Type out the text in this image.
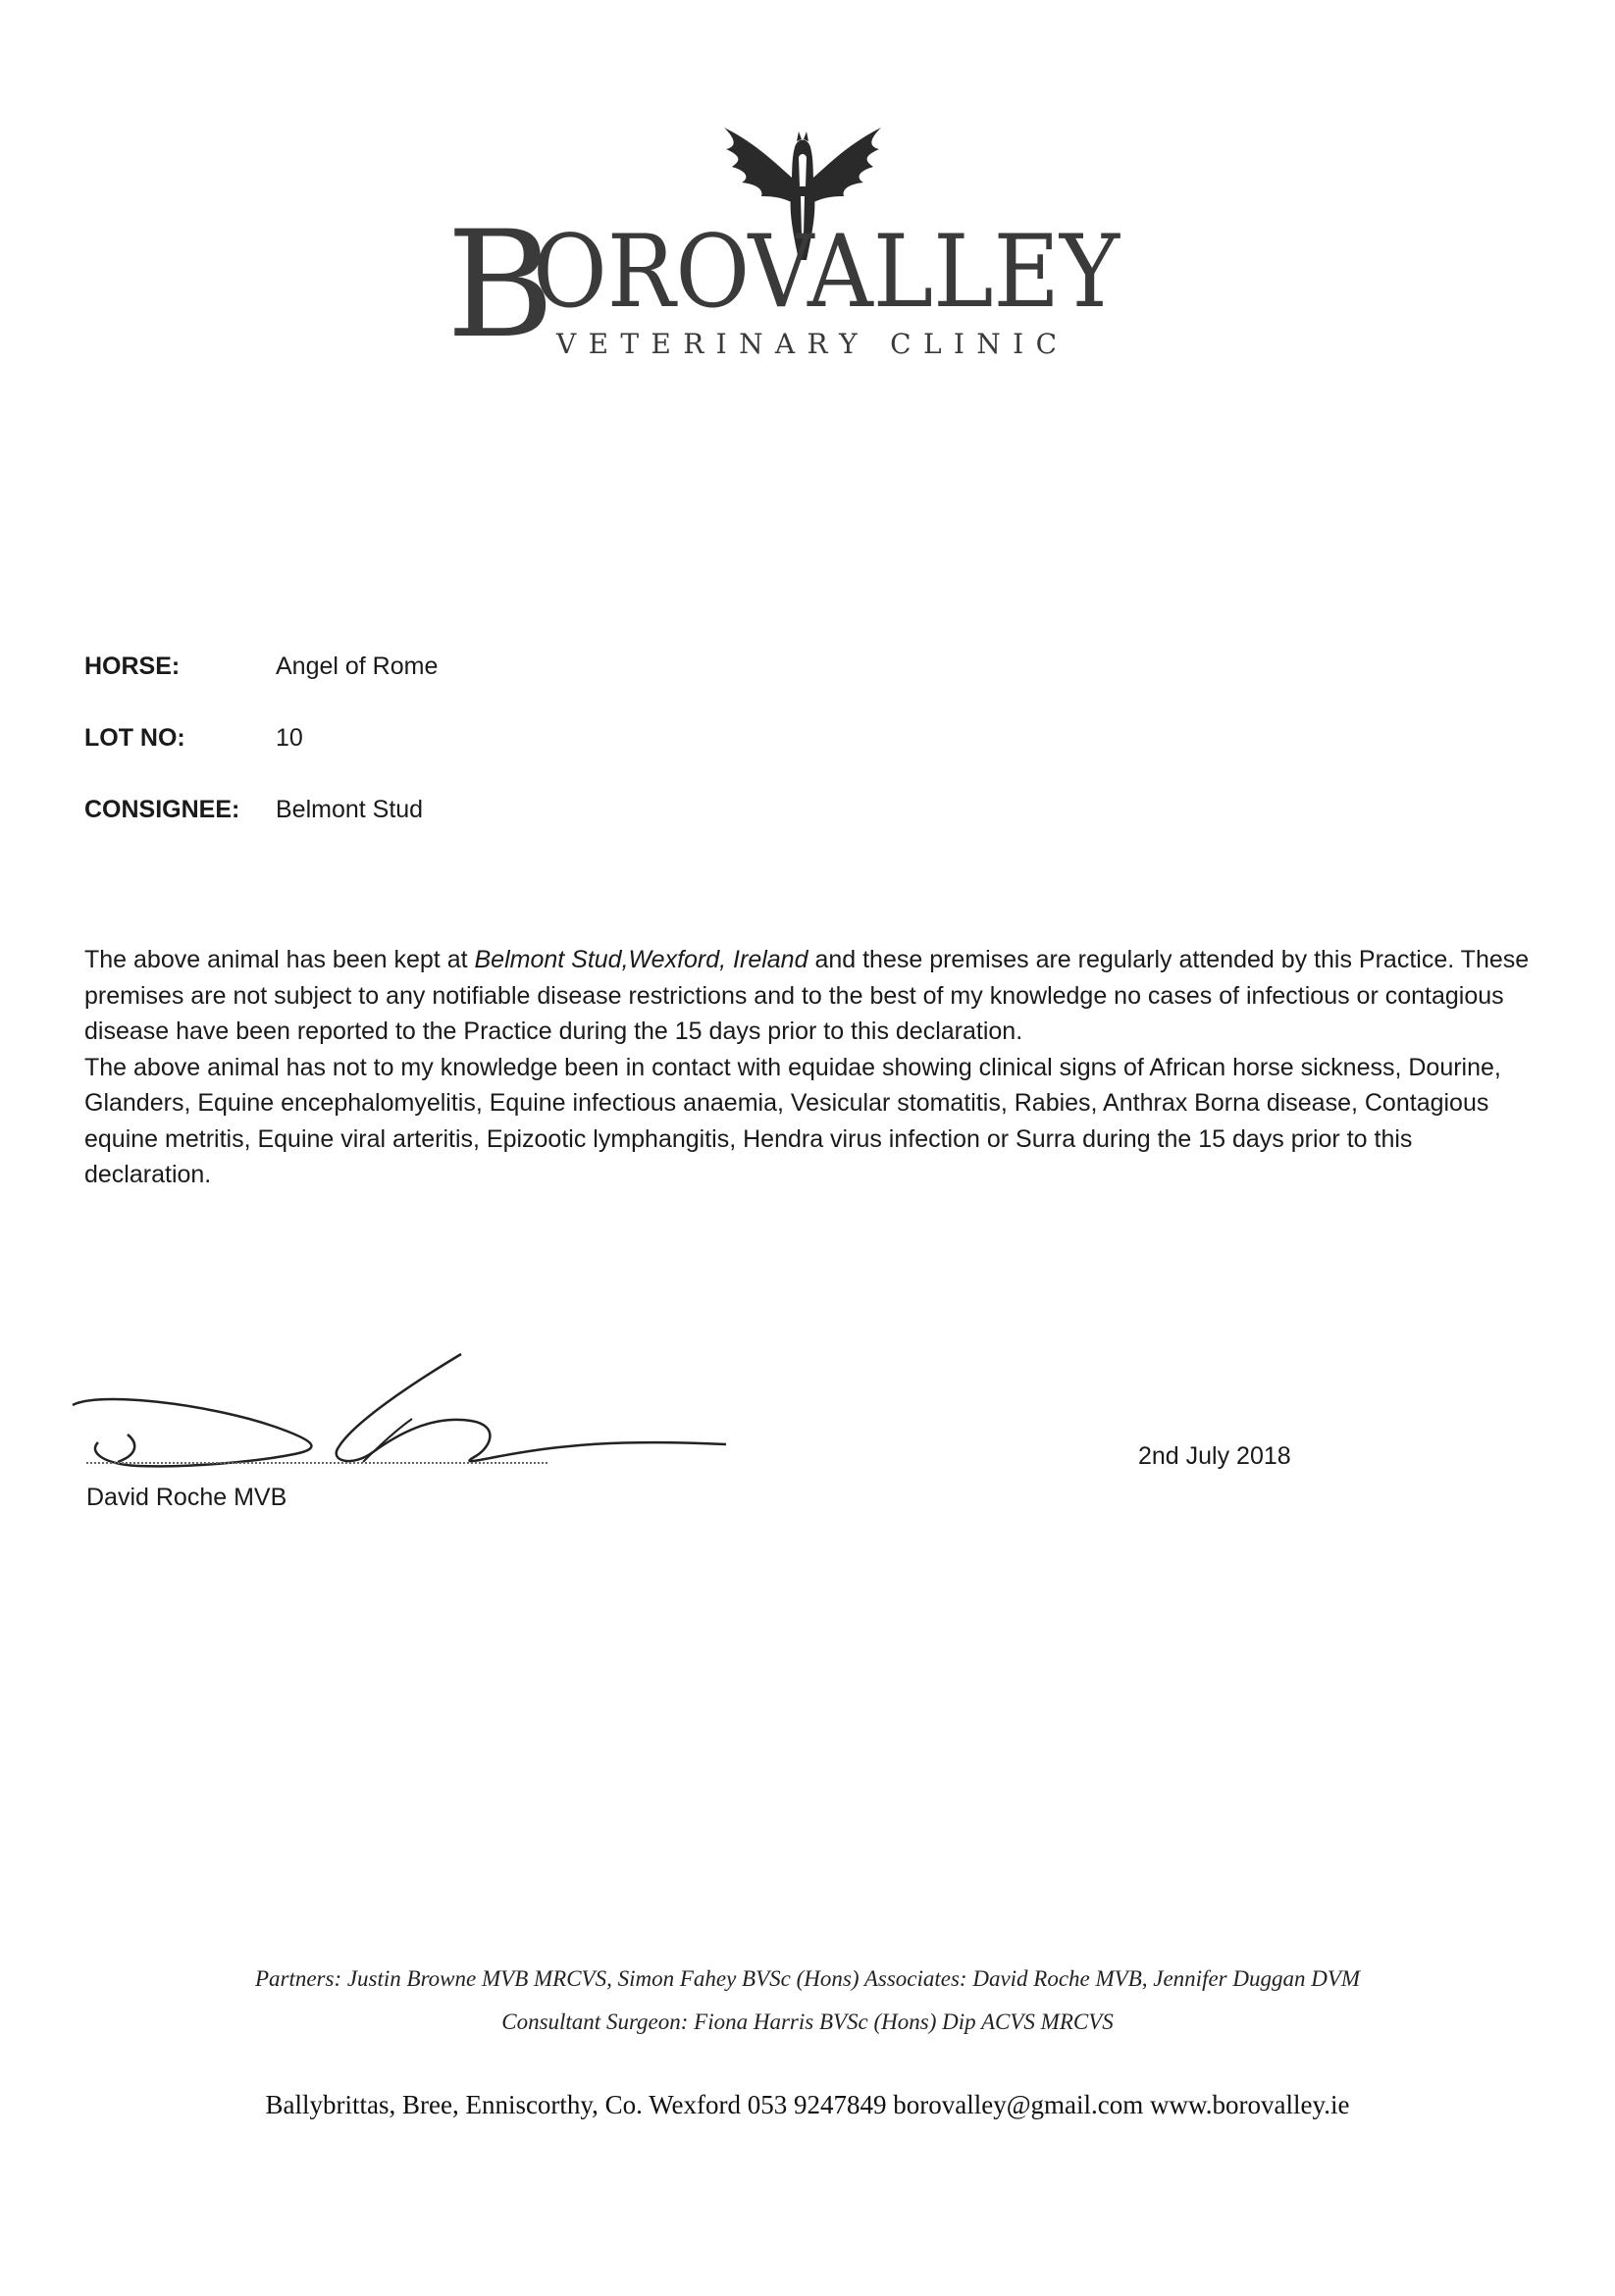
B
OROVALLEY
VETERINARY CLINIC
HORSE:	Angel of Rome
LOT NO:	10
CONSIGNEE:	Belmont Stud

The above animal has been kept at Belmont Stud,Wexford, Ireland and these premises are regularly attended by this Practice. These premises are not subject to any notifiable disease restrictions and to the best of my knowledge no cases of infectious or contagious disease have been reported to the Practice during the 15 days prior to this declaration.

The above animal has not to my knowledge been in contact with equidae showing clinical signs of African horse sickness, Dourine, Glanders, Equine encephalomyelitis, Equine infectious anaemia, Vesicular stomatitis, Rabies, Anthrax Borna disease, Contagious equine metritis, Equine viral arteritis, Epizootic lymphangitis, Hendra virus infection or Surra during the 15 days prior to this declaration.

David Roche MVB
2nd July 2018
Partners: Justin Browne MVB MRCVS, Simon Fahey BVSc (Hons) Associates: David Roche MVB, Jennifer Duggan DVM
Consultant Surgeon: Fiona Harris BVSc (Hons) Dip ACVS MRCVS
Ballybrittas, Bree, Enniscorthy, Co. Wexford 053 9247849 borovalley@gmail.com www.borovalley.ie
